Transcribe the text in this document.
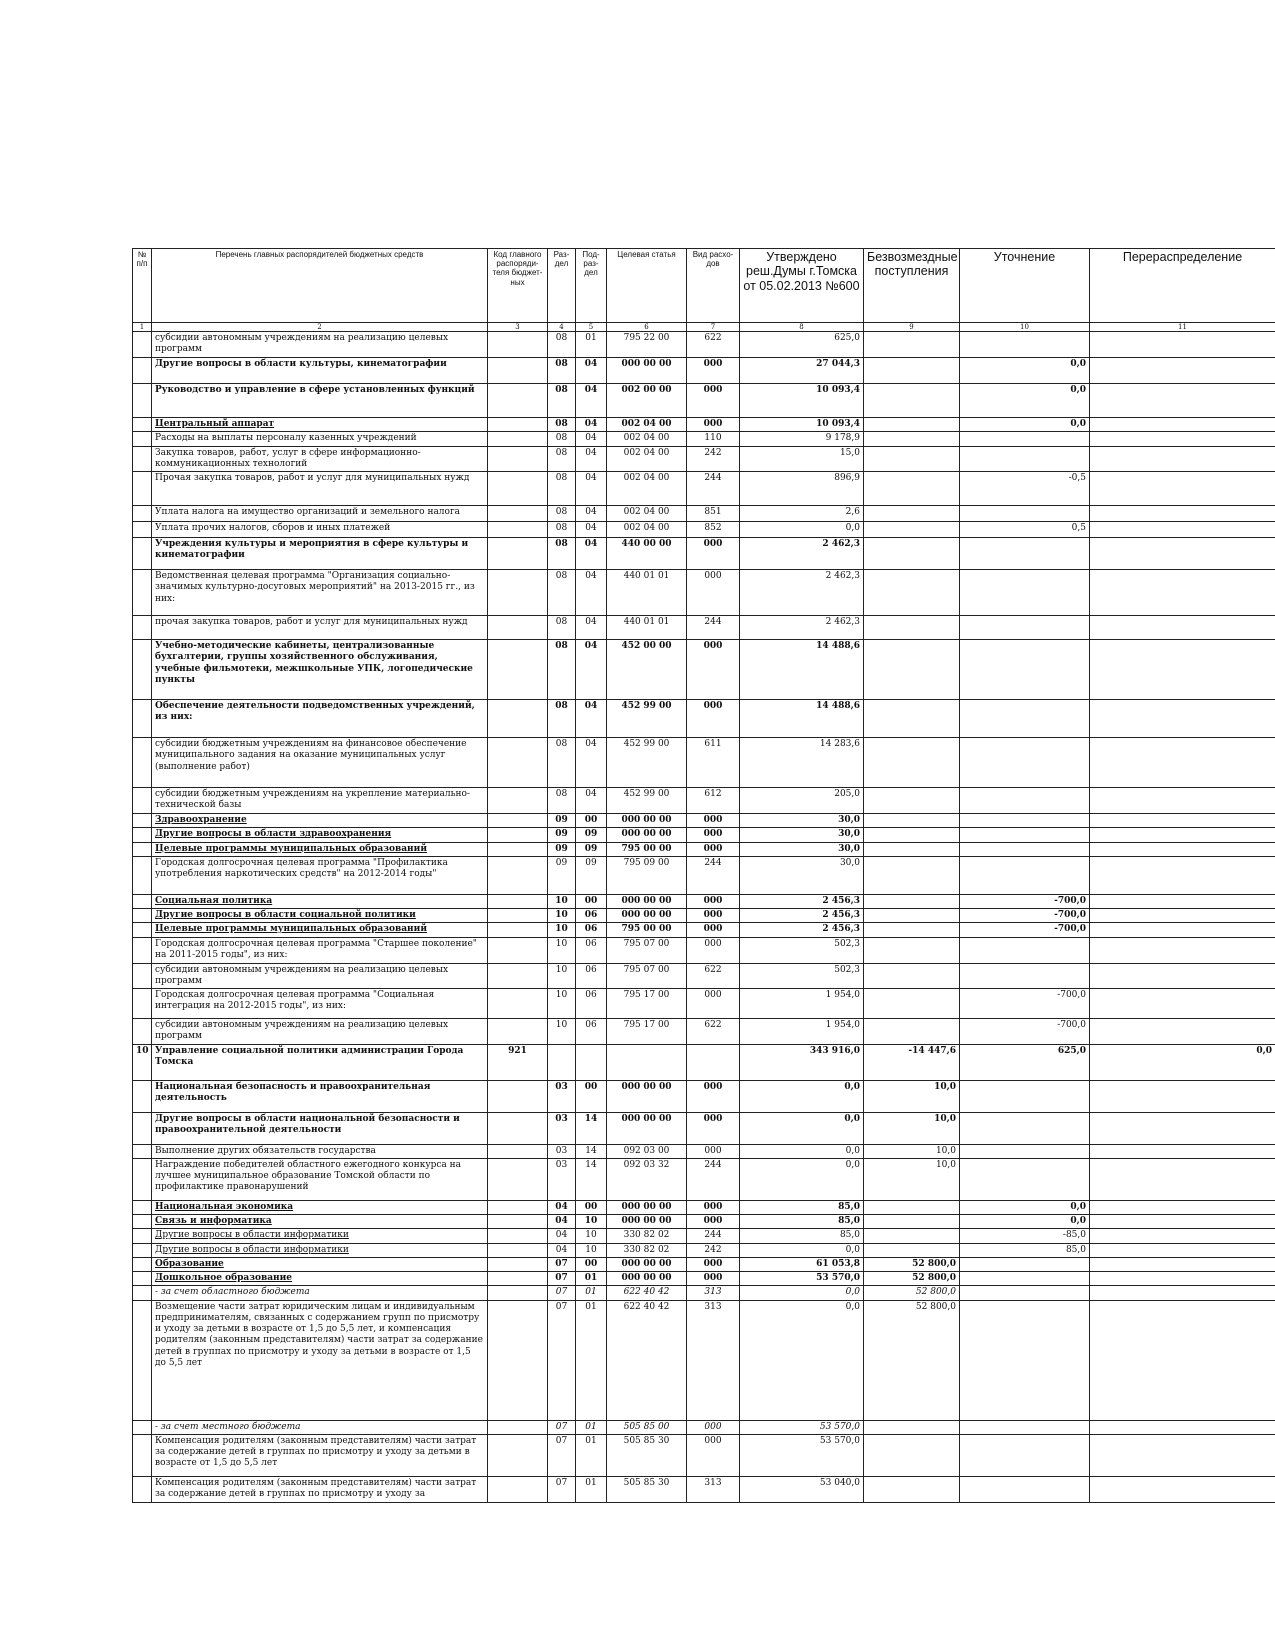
№ п/п	Перечень главных распорядителей бюджетных средств	Код главного распоряди-теля бюджет-ных	Раз-дел	Под-раз-дел	Целевая статья	Вид расхо-дов	Утверждено реш.Думы г.Томска от 05.02.2013 №600	Безвозмездные поступления	Уточнение	Перераспределение
1	2	3	4	5	6	7	8	9	10	11
	субсидии автономным учреждениям на реализацию целевых программ		08	01	795 22 00	622	625,0			
	Другие вопросы в области культуры, кинематографии		08	04	000 00 00	000	27 044,3		0,0	
	Руководство и управление в сфере установленных функций		08	04	002 00 00	000	10 093,4		0,0	
	Центральный аппарат		08	04	002 04 00	000	10 093,4		0,0	
	Расходы на выплаты персоналу казенных учреждений		08	04	002 04 00	110	9 178,9			
	Закупка товаров, работ, услуг в сфере информационно-коммуникационных технологий		08	04	002 04 00	242	15,0			
	Прочая закупка товаров, работ и услуг для муниципальных нужд		08	04	002 04 00	244	896,9		-0,5	
	Уплата налога на имущество организаций и земельного налога		08	04	002 04 00	851	2,6			
	Уплата прочих налогов, сборов и иных платежей		08	04	002 04 00	852	0,0		0,5	
	Учреждения культуры и мероприятия в сфере культуры и кинематографии		08	04	440 00 00	000	2 462,3			
	Ведомственная целевая программа "Организация социально-значимых культурно-досуговых мероприятий" на 2013-2015 гг., из них:		08	04	440 01 01	000	2 462,3			
	прочая закупка товаров, работ и услуг для муниципальных нужд		08	04	440 01 01	244	2 462,3			
	Учебно-методические кабинеты, централизованные бухгалтерии, группы хозяйственного обслуживания, учебные фильмотеки, межшкольные УПК, логопедические пункты		08	04	452 00 00	000	14 488,6			
	Обеспечение деятельности подведомственных учреждений, из них:		08	04	452 99 00	000	14 488,6			
	субсидии бюджетным учреждениям на финансовое обеспечение муниципального задания на оказание муниципальных услуг (выполнение работ)		08	04	452 99 00	611	14 283,6			
	субсидии бюджетным учреждениям на укрепление материально-технической базы		08	04	452 99 00	612	205,0			
	Здравоохранение		09	00	000 00 00	000	30,0			
	Другие вопросы в области здравоохранения		09	09	000 00 00	000	30,0			
	Целевые программы муниципальных образований		09	09	795 00 00	000	30,0			
	Городская долгосрочная целевая программа "Профилактика употребления наркотических средств" на 2012-2014 годы"		09	09	795 09 00	244	30,0			
	Социальная политика		10	00	000 00 00	000	2 456,3		-700,0	
	Другие вопросы в области социальной политики		10	06	000 00 00	000	2 456,3		-700,0	
	Целевые программы муниципальных образований		10	06	795 00 00	000	2 456,3		-700,0	
	Городская долгосрочная целевая программа "Старшее поколение" на 2011-2015 годы", из них:		10	06	795 07 00	000	502,3			
	субсидии автономным учреждениям на реализацию целевых программ		10	06	795 07 00	622	502,3			
	Городская долгосрочная целевая программа "Социальная интеграция на 2012-2015 годы", из них:		10	06	795 17 00	000	1 954,0		-700,0	
	субсидии автономным учреждениям на реализацию целевых программ		10	06	795 17 00	622	1 954,0		-700,0	
10	Управление социальной политики администрации Города Томска	921					343 916,0	-14 447,6	625,0	0,0
	Национальная безопасность и правоохранительная деятельность		03	00	000 00 00	000	0,0	10,0		
	Другие вопросы в области национальной безопасности и правоохранительной деятельности		03	14	000 00 00	000	0,0	10,0		
	Выполнение других обязательств государства		03	14	092 03 00	000	0,0	10,0		
	Награждение победителей областного ежегодного конкурса на лучшее муниципальное образование Томской области по профилактике правонарушений		03	14	092 03 32	244	0,0	10,0		
	Национальная экономика		04	00	000 00 00	000	85,0		0,0	
	Связь и информатика		04	10	000 00 00	000	85,0		0,0	
	Другие вопросы в области информатики		04	10	330 82 02	244	85,0		-85,0	
	Другие вопросы в области информатики		04	10	330 82 02	242	0,0		85,0	
	Образование		07	00	000 00 00	000	61 053,8	52 800,0		
	Дошкольное образование		07	01	000 00 00	000	53 570,0	52 800,0		
	- за счет областного бюджета		07	01	622 40 42	313	0,0	52 800,0		
	Возмещение части затрат юридическим лицам и индивидуальным предпринимателям, связанных с содержанием групп по присмотру и уходу за детьми в возрасте от 1,5 до 5,5 лет, и компенсация родителям (законным представителям) части затрат за содержание детей в группах по присмотру и уходу за детьми в возрасте от 1,5 до 5,5 лет		07	01	622 40 42	313	0,0	52 800,0		
	- за счет местного бюджета		07	01	505 85 00	000	53 570,0			
	Компенсация родителям (законным представителям) части затрат за содержание детей в группах по присмотру и уходу за детьми в возрасте от 1,5 до 5,5 лет		07	01	505 85 30	000	53 570,0			
	Компенсация родителям (законным представителям) части затрат за содержание детей в группах по присмотру и уходу за		07	01	505 85 30	313	53 040,0			
